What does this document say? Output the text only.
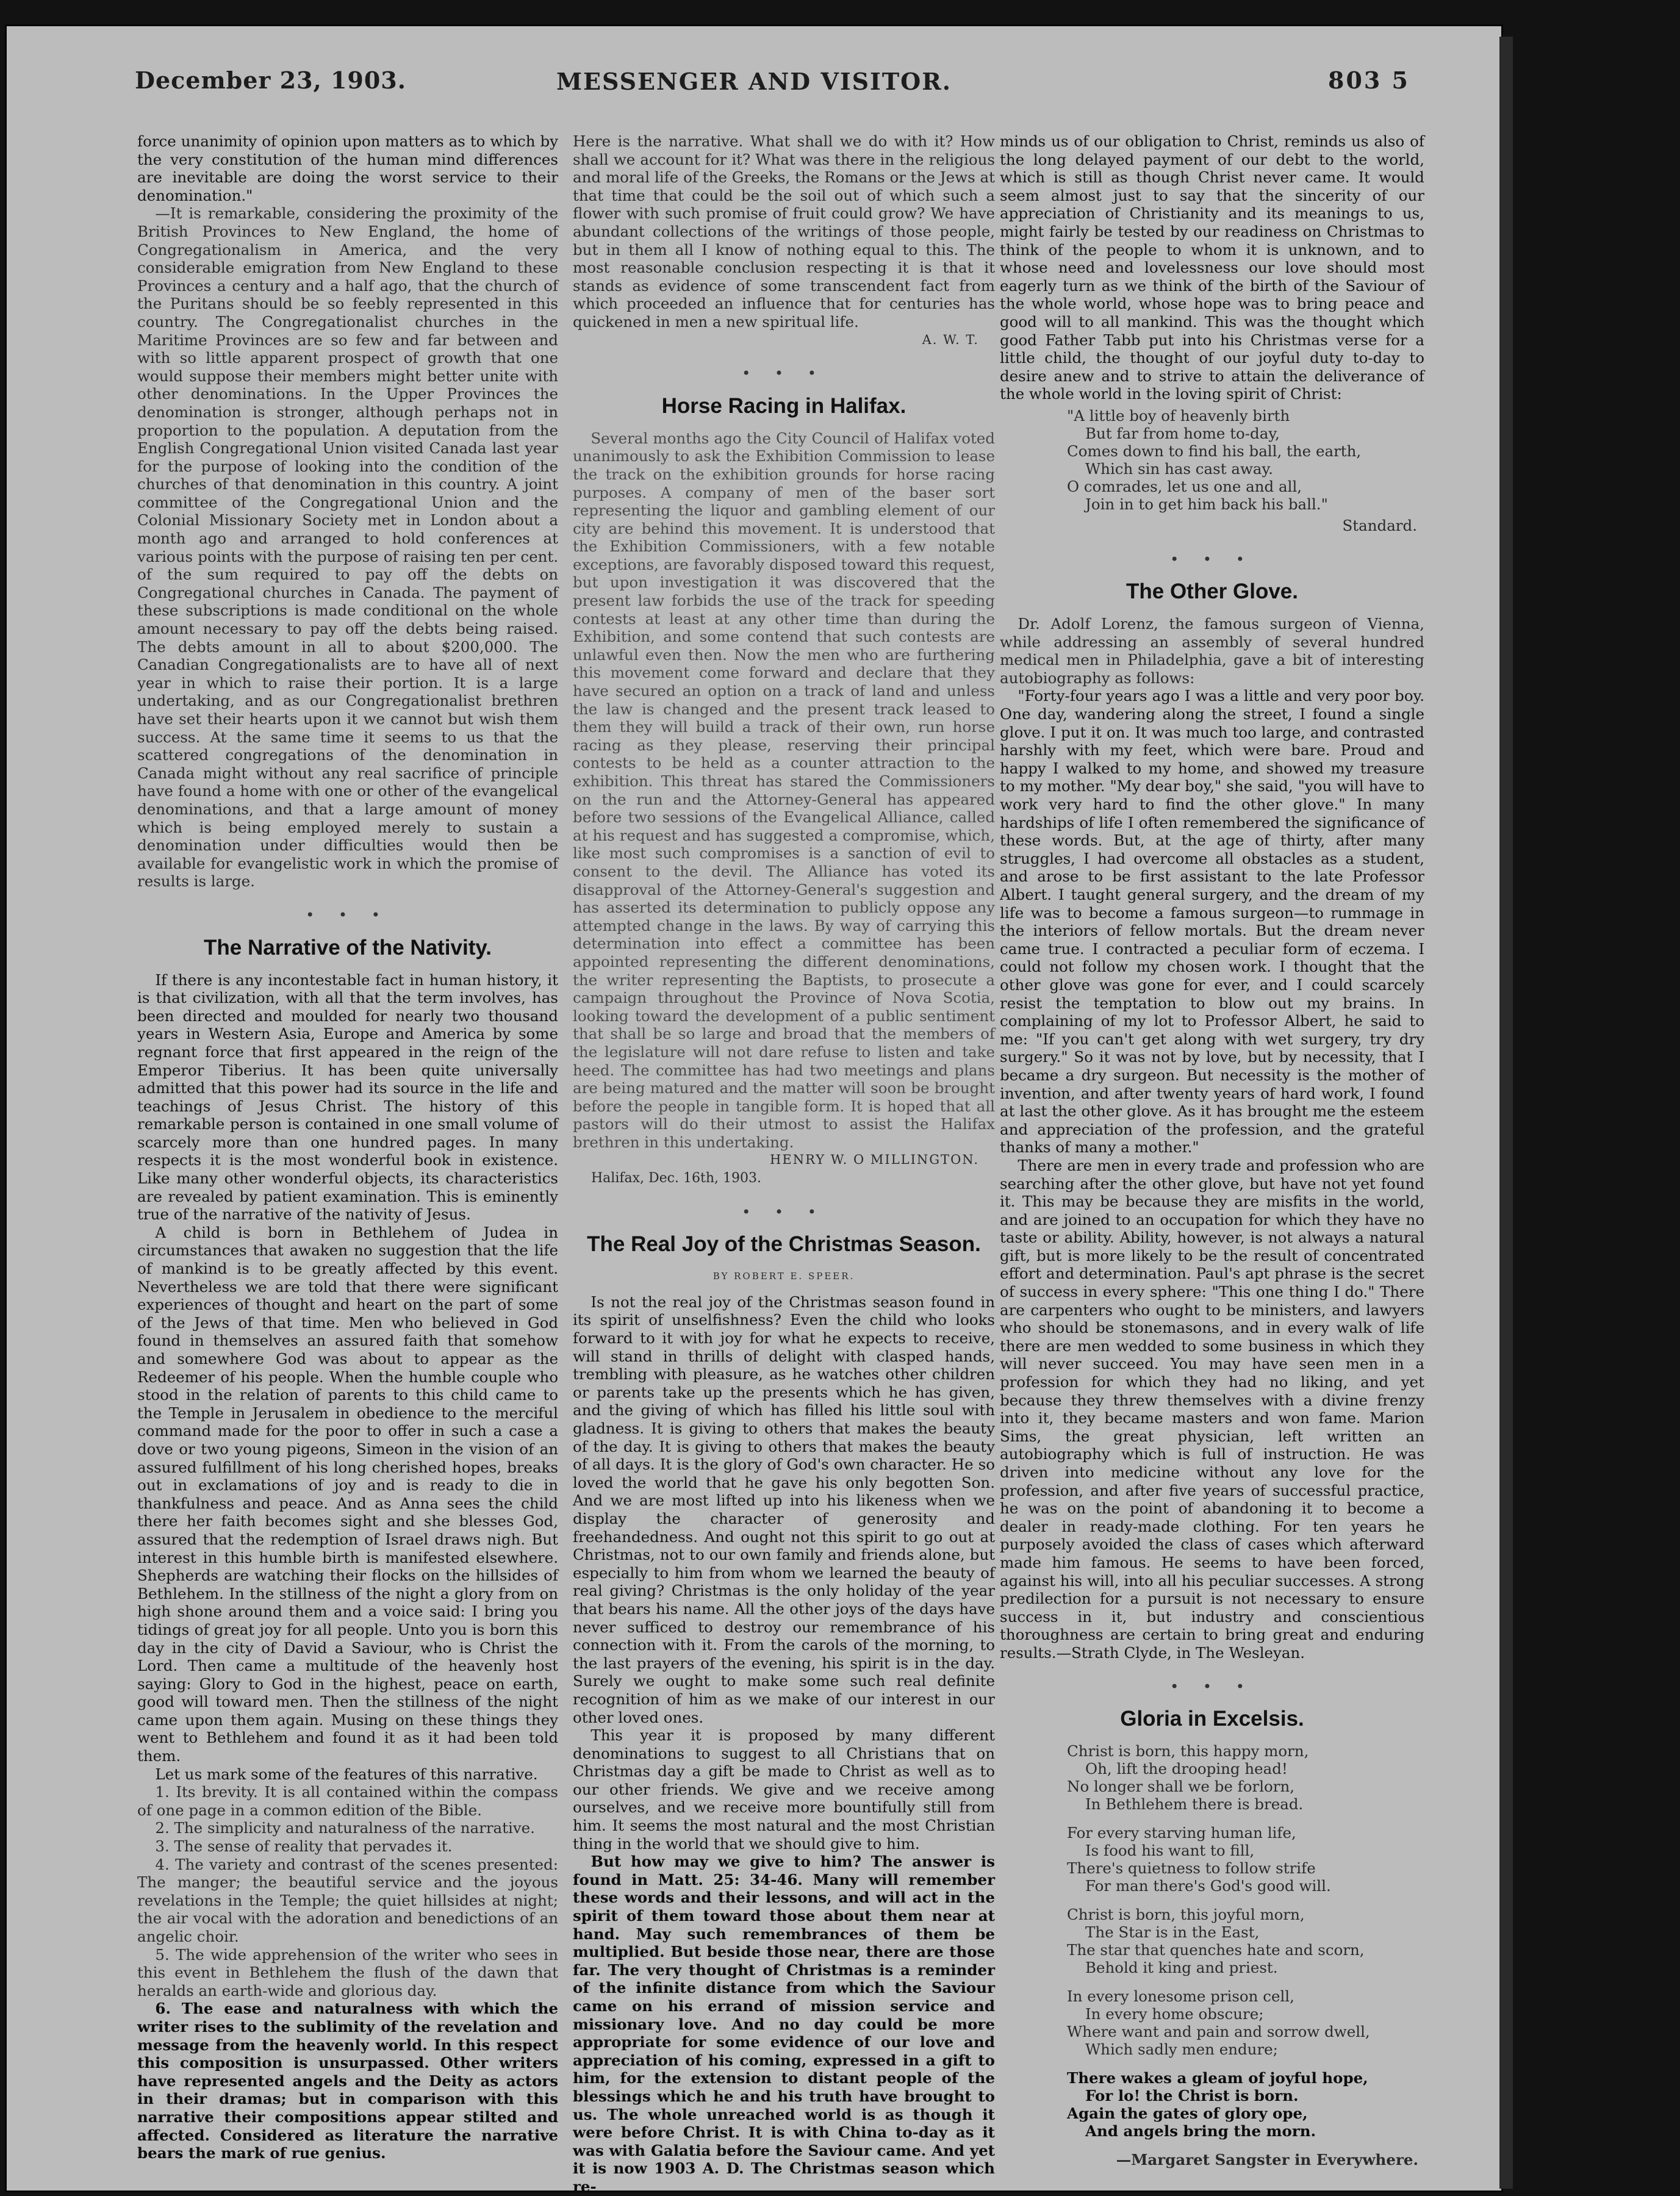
December 23, 1903.	MESSENGER AND VISITOR.	803 5

force unanimity of opinion upon matters as to which by the very constitution of the human mind differences are inevitable are doing the worst service to their denomination."

—It is remarkable, considering the proximity of the British Provinces to New England, the home of Congregationalism in America, and the very considerable emigration from New England to these Provinces a century and a half ago, that the church of the Puritans should be so feebly represented in this country. The Congregationalist churches in the Maritime Provinces are so few and far between and with so little apparent prospect of growth that one would suppose their members might better unite with other denominations. In the Upper Provinces the denomination is stronger, although perhaps not in proportion to the population. A deputation from the English Congregational Union visited Canada last year for the purpose of looking into the condition of the churches of that denomination in this country. A joint committee of the Congregational Union and the Colonial Missionary Society met in London about a month ago and arranged to hold conferences at various points with the purpose of raising ten per cent. of the sum required to pay off the debts on Congregational churches in Canada. The payment of these subscriptions is made conditional on the whole amount necessary to pay off the debts being raised. The debts amount in all to about $200,000. The Canadian Congregationalists are to have all of next year in which to raise their portion. It is a large undertaking, and as our Congregationalist brethren have set their hearts upon it we cannot but wish them success. At the same time it seems to us that the scattered congregations of the denomination in Canada might without any real sacrifice of principle have found a home with one or other of the evangelical denominations, and that a large amount of money which is being employed merely to sustain a denomination under difficulties would then be available for evangelistic work in which the promise of results is large.

• • •
The Narrative of the Nativity.

If there is any incontestable fact in human history, it is that civilization, with all that the term involves, has been directed and moulded for nearly two thousand years in Western Asia, Europe and America by some regnant force that first appeared in the reign of the Emperor Tiberius. It has been quite universally admitted that this power had its source in the life and teachings of Jesus Christ. The history of this remarkable person is contained in one small volume of scarcely more than one hundred pages. In many respects it is the most wonderful book in existence. Like many other wonderful objects, its characteristics are revealed by patient examination. This is eminently true of the narrative of the nativity of Jesus.

A child is born in Bethlehem of Judea in circumstances that awaken no suggestion that the life of mankind is to be greatly affected by this event. Nevertheless we are told that there were significant experiences of thought and heart on the part of some of the Jews of that time. Men who believed in God found in themselves an assured faith that somehow and somewhere God was about to appear as the Redeemer of his people. When the humble couple who stood in the relation of parents to this child came to the Temple in Jerusalem in obedience to the merciful command made for the poor to offer in such a case a dove or two young pigeons, Simeon in the vision of an assured fulfillment of his long cherished hopes, breaks out in exclamations of joy and is ready to die in thankfulness and peace. And as Anna sees the child there her faith becomes sight and she blesses God, assured that the redemption of Israel draws nigh. But interest in this humble birth is manifested elsewhere. Shepherds are watching their flocks on the hillsides of Bethlehem. In the stillness of the night a glory from on high shone around them and a voice said: I bring you tidings of great joy for all people. Unto you is born this day in the city of David a Saviour, who is Christ the Lord. Then came a multitude of the heavenly host saying: Glory to God in the highest, peace on earth, good will toward men. Then the stillness of the night came upon them again. Musing on these things they went to Bethlehem and found it as it had been told them.

Let us mark some of the features of this narrative.

1. Its brevity. It is all contained within the compass of one page in a common edition of the Bible.
2. The simplicity and naturalness of the narrative.
3. The sense of reality that pervades it.
4. The variety and contrast of the scenes presented: The manger; the beautiful service and the joyous revelations in the Temple; the quiet hillsides at night; the air vocal with the adoration and benedictions of an angelic choir.
5. The wide apprehension of the writer who sees in this event in Bethlehem the flush of the dawn that heralds an earth-wide and glorious day.
6. The ease and naturalness with which the writer rises to the sublimity of the revelation and message from the heavenly world. In this respect this composition is unsurpassed. Other writers have represented angels and the Deity as actors in their dramas; but in comparison with this narrative their compositions appear stilted and affected. Considered as literature the narrative bears the mark of rue genius.

Here is the narrative. What shall we do with it? How shall we account for it? What was there in the religious and moral life of the Greeks, the Romans or the Jews at that time that could be the soil out of which such a flower with such promise of fruit could grow? We have abundant collections of the writings of those people, but in them all I know of nothing equal to this. The most reasonable conclusion respecting it is that it stands as evidence of some transcendent fact from which proceeded an influence that for centuries has quickened in men a new spiritual life.

A. W. T.
• • •
Horse Racing in Halifax.

Several months ago the City Council of Halifax voted unanimously to ask the Exhibition Commission to lease the track on the exhibition grounds for horse racing purposes. A company of men of the baser sort representing the liquor and gambling element of our city are behind this movement. It is understood that the Exhibition Commissioners, with a few notable exceptions, are favorably disposed toward this request, but upon investigation it was discovered that the present law forbids the use of the track for speeding contests at least at any other time than during the Exhibition, and some contend that such contests are unlawful even then. Now the men who are furthering this movement come forward and declare that they have secured an option on a track of land and unless the law is changed and the present track leased to them they will build a track of their own, run horse racing as they please, reserving their principal contests to be held as a counter attraction to the exhibition. This threat has stared the Commissioners on the run and the Attorney-General has appeared before two sessions of the Evangelical Alliance, called at his request and has suggested a compromise, which, like most such compromises is a sanction of evil to consent to the devil. The Alliance has voted its disapproval of the Attorney-General's suggestion and has asserted its determination to publicly oppose any attempted change in the laws. By way of carrying this determination into effect a committee has been appointed representing the different denominations, the writer representing the Baptists, to prosecute a campaign throughout the Province of Nova Scotia, looking toward the development of a public sentiment that shall be so large and broad that the members of the legislature will not dare refuse to listen and take heed. The committee has had two meetings and plans are being matured and the matter will soon be brought before the people in tangible form. It is hoped that all pastors will do their utmost to assist the Halifax brethren in this undertaking.

HENRY W. O MILLINGTON.

Halifax, Dec. 16th, 1903.

• • •
The Real Joy of the Christmas Season.
BY ROBERT E. SPEER.

Is not the real joy of the Christmas season found in its spirit of unselfishness? Even the child who looks forward to it with joy for what he expects to receive, will stand in thrills of delight with clasped hands, trembling with pleasure, as he watches other children or parents take up the presents which he has given, and the giving of which has filled his little soul with gladness. It is giving to others that makes the beauty of the day. It is giving to others that makes the beauty of all days. It is the glory of God's own character. He so loved the world that he gave his only begotten Son. And we are most lifted up into his likeness when we display the character of generosity and freehandedness. And ought not this spirit to go out at Christmas, not to our own family and friends alone, but especially to him from whom we learned the beauty of real giving? Christmas is the only holiday of the year that bears his name. All the other joys of the days have never sufficed to destroy our remembrance of his connection with it. From the carols of the morning, to the last prayers of the evening, his spirit is in the day. Surely we ought to make some such real definite recognition of him as we make of our interest in our other loved ones.

This year it is proposed by many different denominations to suggest to all Christians that on Christmas day a gift be made to Christ as well as to our other friends. We give and we receive among ourselves, and we receive more bountifully still from him. It seems the most natural and the most Christian thing in the world that we should give to him.

But how may we give to him? The answer is found in Matt. 25: 34-46. Many will remember these words and their lessons, and will act in the spirit of them toward those about them near at hand. May such remembrances of them be multiplied. But beside those near, there are those far. The very thought of Christmas is a reminder of the infinite distance from which the Saviour came on his errand of mission service and missionary love. And no day could be more appropriate for some evidence of our love and appreciation of his coming, expressed in a gift to him, for the extension to distant people of the blessings which he and his truth have brought to us. The whole unreached world is as though it were before Christ. It is with China to-day as it was with Galatia before the Saviour came. And yet it is now 1903 A. D. The Christmas season which re-

minds us of our obligation to Christ, reminds us also of the long delayed payment of our debt to the world, which is still as though Christ never came. It would seem almost just to say that the sincerity of our appreciation of Christianity and its meanings to us, might fairly be tested by our readiness on Christmas to think of the people to whom it is unknown, and to whose need and lovelessness our love should most eagerly turn as we think of the birth of the Saviour of the whole world, whose hope was to bring peace and good will to all mankind. This was the thought which good Father Tabb put into his Christmas verse for a little child, the thought of our joyful duty to-day to desire anew and to strive to attain the deliverance of the whole world in the loving spirit of Christ:

"A little boy of heavenly birth
But far from home to-day,
Comes down to find his ball, the earth,
Which sin has cast away.
O comrades, let us one and all,
Join in to get him back his ball."
Standard.
• • •
The Other Glove.

Dr. Adolf Lorenz, the famous surgeon of Vienna, while addressing an assembly of several hundred medical men in Philadelphia, gave a bit of interesting autobiography as follows:

"Forty-four years ago I was a little and very poor boy. One day, wandering along the street, I found a single glove. I put it on. It was much too large, and contrasted harshly with my feet, which were bare. Proud and happy I walked to my home, and showed my treasure to my mother. "My dear boy," she said, "you will have to work very hard to find the other glove." In many hardships of life I often remembered the significance of these words. But, at the age of thirty, after many struggles, I had overcome all obstacles as a student, and arose to be first assistant to the late Professor Albert. I taught general surgery, and the dream of my life was to become a famous surgeon—to rummage in the interiors of fellow mortals. But the dream never came true. I contracted a peculiar form of eczema. I could not follow my chosen work. I thought that the other glove was gone for ever, and I could scarcely resist the temptation to blow out my brains. In complaining of my lot to Professor Albert, he said to me: "If you can't get along with wet surgery, try dry surgery." So it was not by love, but by necessity, that I became a dry surgeon. But necessity is the mother of invention, and after twenty years of hard work, I found at last the other glove. As it has brought me the esteem and appreciation of the profession, and the grateful thanks of many a mother."

There are men in every trade and profession who are searching after the other glove, but have not yet found it. This may be because they are misfits in the world, and are joined to an occupation for which they have no taste or ability. Ability, however, is not always a natural gift, but is more likely to be the result of concentrated effort and determination. Paul's apt phrase is the secret of success in every sphere: "This one thing I do." There are carpenters who ought to be ministers, and lawyers who should be stonemasons, and in every walk of life there are men wedded to some business in which they will never succeed. You may have seen men in a profession for which they had no liking, and yet because they threw themselves with a divine frenzy into it, they became masters and won fame. Marion Sims, the great physician, left written an autobiography which is full of instruction. He was driven into medicine without any love for the profession, and after five years of successful practice, he was on the point of abandoning it to become a dealer in ready-made clothing. For ten years he purposely avoided the class of cases which afterward made him famous. He seems to have been forced, against his will, into all his peculiar successes. A strong predilection for a pursuit is not necessary to ensure success in it, but industry and conscientious thoroughness are certain to bring great and enduring results.—Strath Clyde, in The Wesleyan.

• • •
Gloria in Excelsis.
Christ is born, this happy morn,
Oh, lift the drooping head!
No longer shall we be forlorn,
In Bethlehem there is bread.
For every starving human life,
Is food his want to fill,
There's quietness to follow strife
For man there's God's good will.
Christ is born, this joyful morn,
The Star is in the East,
The star that quenches hate and scorn,
Behold it king and priest.
In every lonesome prison cell,
In every home obscure;
Where want and pain and sorrow dwell,
Which sadly men endure;
There wakes a gleam of joyful hope,
For lo! the Christ is born.
Again the gates of glory ope,
And angels bring the morn.
—Margaret Sangster in Everywhere.
